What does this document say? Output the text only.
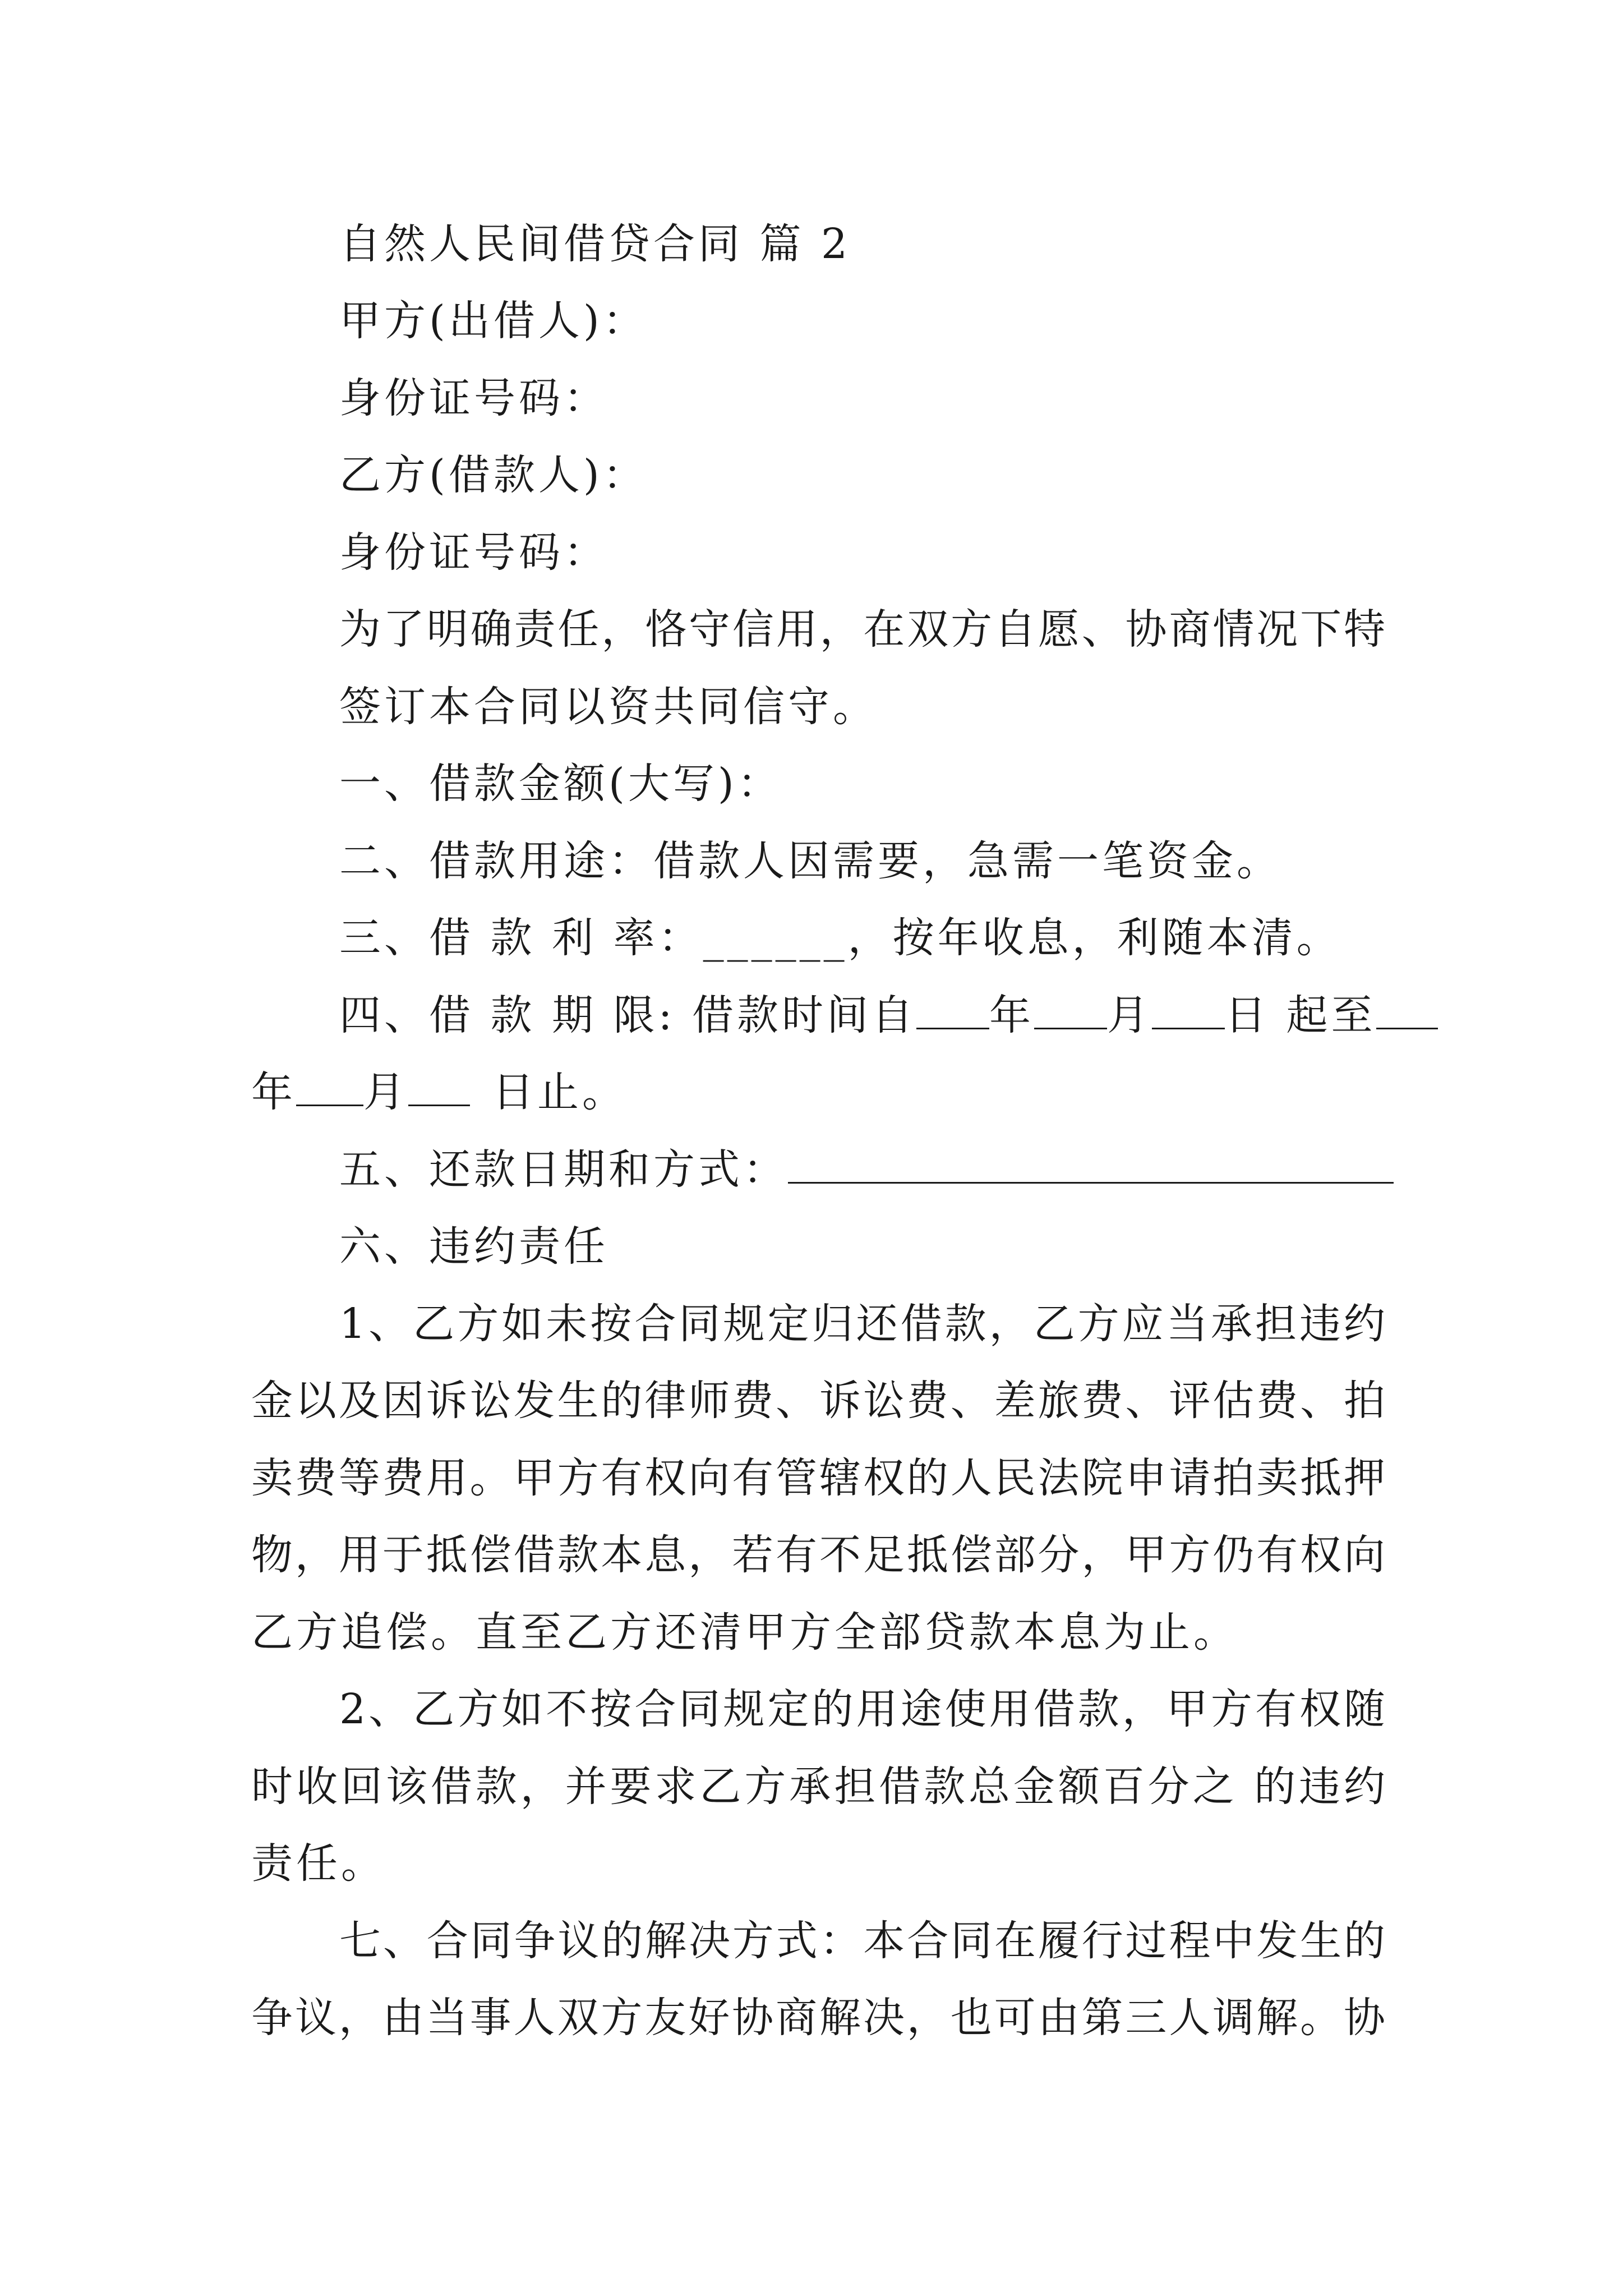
自然人民间借贷合同 篇 2
甲方(出借人)：
身份证号码：
乙方(借款人)：
身份证号码：
为了明确责任，恪守信用，在双方自愿、协商情况下特
签订本合同以资共同信守。
一、借款金额(大写)：
二、借款用途：借款人因需要，急需一笔资金。
三、借 款 利 率：______，按年收息，利随本清。
四、借 款 期 限: 借款时间自 年 月 日 起至
年 月 日止。
五、还款日期和方式：
六、违约责任
1、乙方如未按合同规定归还借款，乙方应当承担违约
金以及因诉讼发生的律师费、诉讼费、差旅费、评估费、拍
卖费等费用。甲方有权向有管辖权的人民法院申请拍卖抵押
物，用于抵偿借款本息，若有不足抵偿部分，甲方仍有权向
乙方追偿。直至乙方还清甲方全部贷款本息为止。
2、乙方如不按合同规定的用途使用借款，甲方有权随
时收回该借款，并要求乙方承担借款总金额百分之 的违约
责任。
七、合同争议的解决方式：本合同在履行过程中发生的
争议，由当事人双方友好协商解决，也可由第三人调解。协
